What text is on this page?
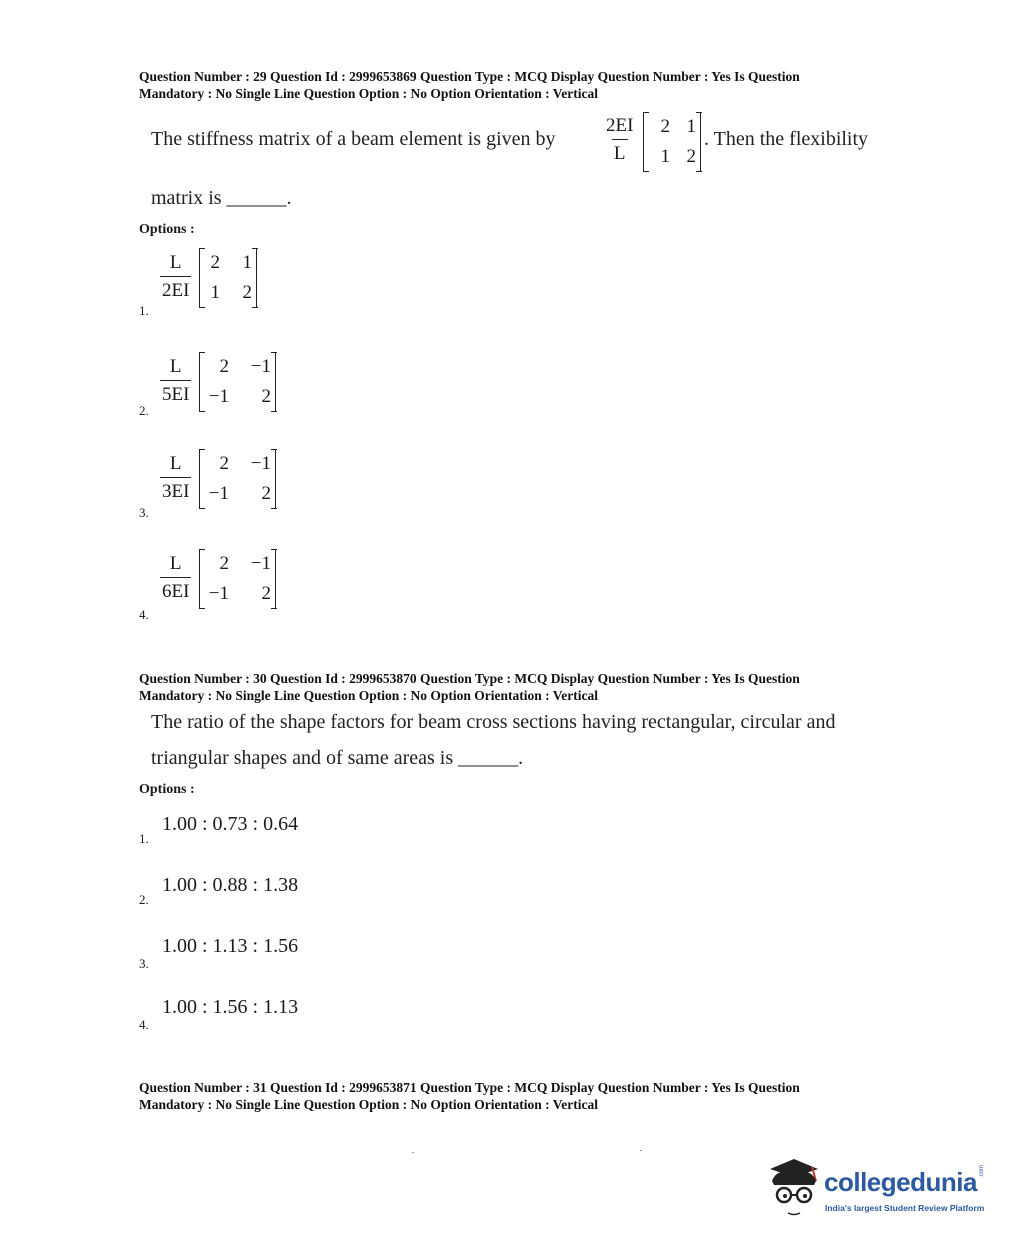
Question Number : 29 Question Id : 2999653869 Question Type : MCQ Display Question Number : Yes Is Question
Mandatory : No Single Line Question Option : No Option Orientation : Vertical
The stiffness matrix of a beam element is given by	$\frac{2EI}{L}$	2 1
1 2
. Then the flexibility
matrix is ______.
Options :
$\frac{L}{2EI}$	2	1
1	2
1.
$\frac{L}{5EI}$	2	−1
−1	2
2.
$\frac{L}{3EI}$	2	−1
−1	2
3.
$\frac{L}{6EI}$	2	−1
−1	2
4.
Question Number : 30 Question Id : 2999653870 Question Type : MCQ Display Question Number : Yes Is Question
Mandatory : No Single Line Question Option : No Option Orientation : Vertical
The ratio of the shape factors for beam cross sections having rectangular, circular and
triangular shapes and of same areas is ______.
Options :
1.00 : 0.73 : 0.64
1.
1.00 : 0.88 : 1.38
2.
1.00 : 1.13 : 1.56
3.
1.00 : 1.56 : 1.13
4.
Question Number : 31 Question Id : 2999653871 Question Type : MCQ Display Question Number : Yes Is Question
Mandatory : No Single Line Question Option : No Option Orientation : Vertical
collegedunia .com
India's largest Student Review Platform
